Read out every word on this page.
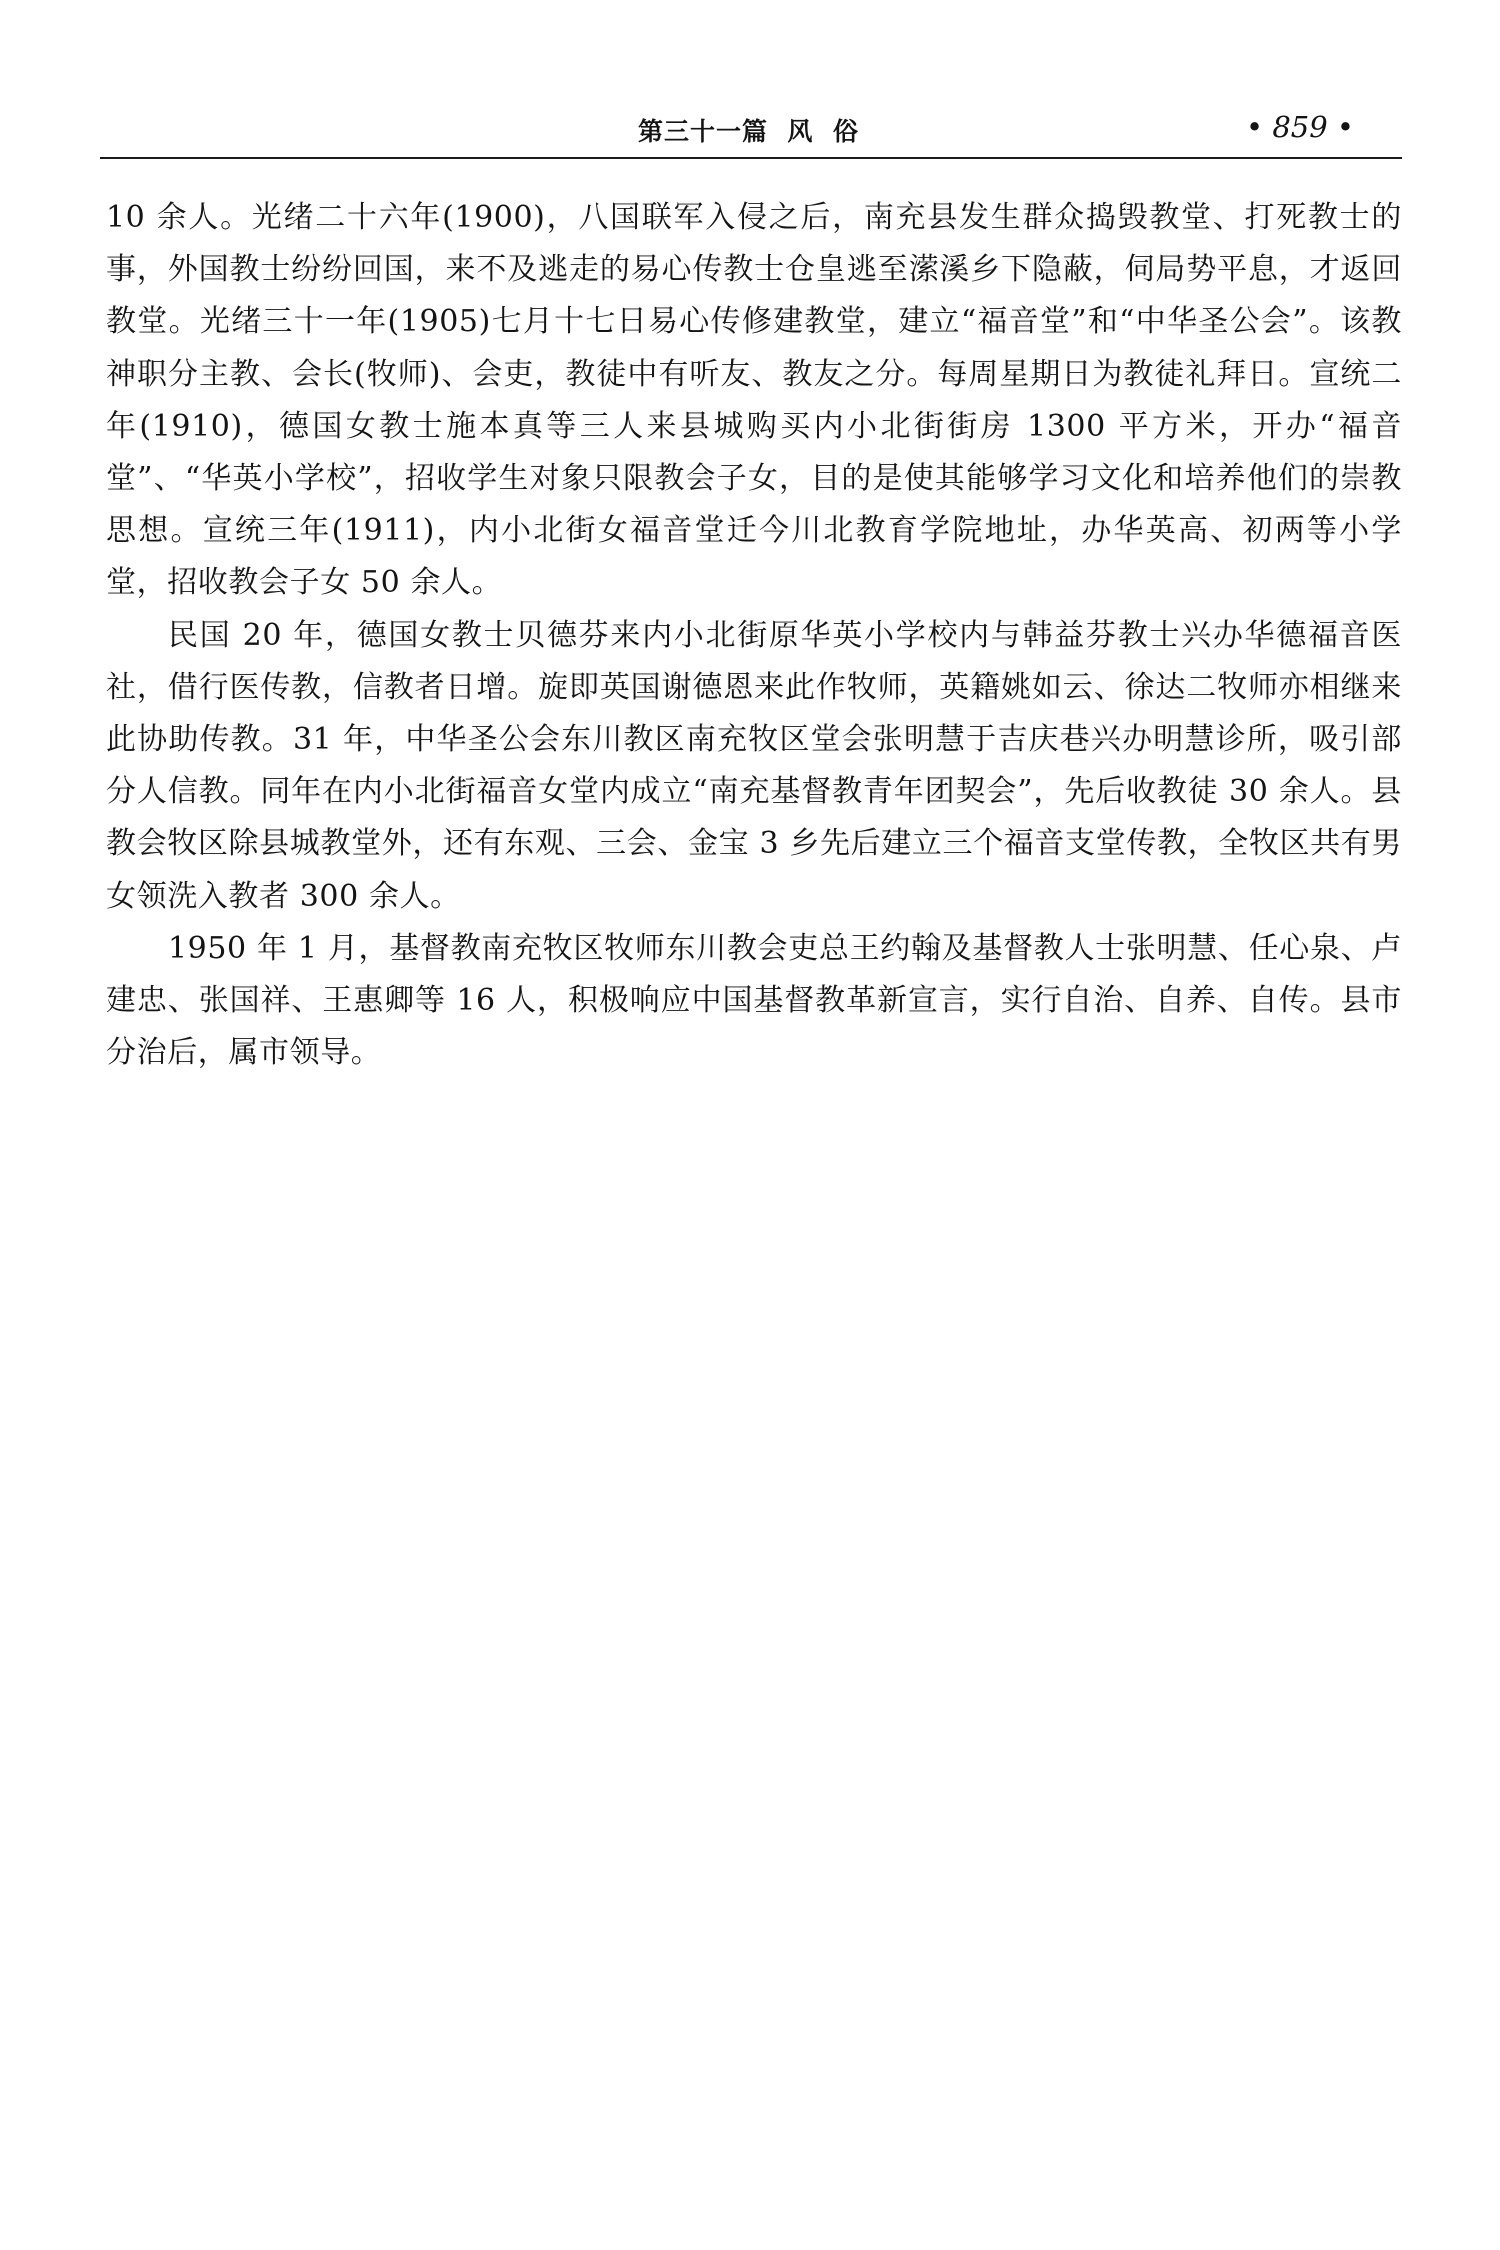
第三十一篇  风  俗	• 859 •

10 余人。光绪二十六年(1900)，八国联军入侵之后，南充县发生群众捣毁教堂、打死教士的事，外国教士纷纷回国，来不及逃走的易心传教士仓皇逃至潆溪乡下隐蔽，伺局势平息，才返回教堂。光绪三十一年(1905)七月十七日易心传修建教堂，建立“福音堂”和“中华圣公会”。该教神职分主教、会长(牧师)、会吏，教徒中有听友、教友之分。每周星期日为教徒礼拜日。宣统二年(1910)，德国女教士施本真等三人来县城购买内小北街街房 1300 平方米，开办“福音堂”、“华英小学校”，招收学生对象只限教会子女，目的是使其能够学习文化和培养他们的崇教思想。宣统三年(1911)，内小北街女福音堂迁今川北教育学院地址，办华英高、初两等小学堂，招收教会子女 50 余人。

民国 20 年，德国女教士贝德芬来内小北街原华英小学校内与韩益芬教士兴办华德福音医社，借行医传教，信教者日增。旋即英国谢德恩来此作牧师，英籍姚如云、徐达二牧师亦相继来此协助传教。31 年，中华圣公会东川教区南充牧区堂会张明慧于吉庆巷兴办明慧诊所，吸引部分人信教。同年在内小北街福音女堂内成立“南充基督教青年团契会”，先后收教徒 30 余人。县教会牧区除县城教堂外，还有东观、三会、金宝 3 乡先后建立三个福音支堂传教，全牧区共有男女领洗入教者 300 余人。

1950 年 1 月，基督教南充牧区牧师东川教会吏总王约翰及基督教人士张明慧、任心泉、卢建忠、张国祥、王惠卿等 16 人，积极响应中国基督教革新宣言，实行自治、自养、自传。县市分治后，属市领导。
